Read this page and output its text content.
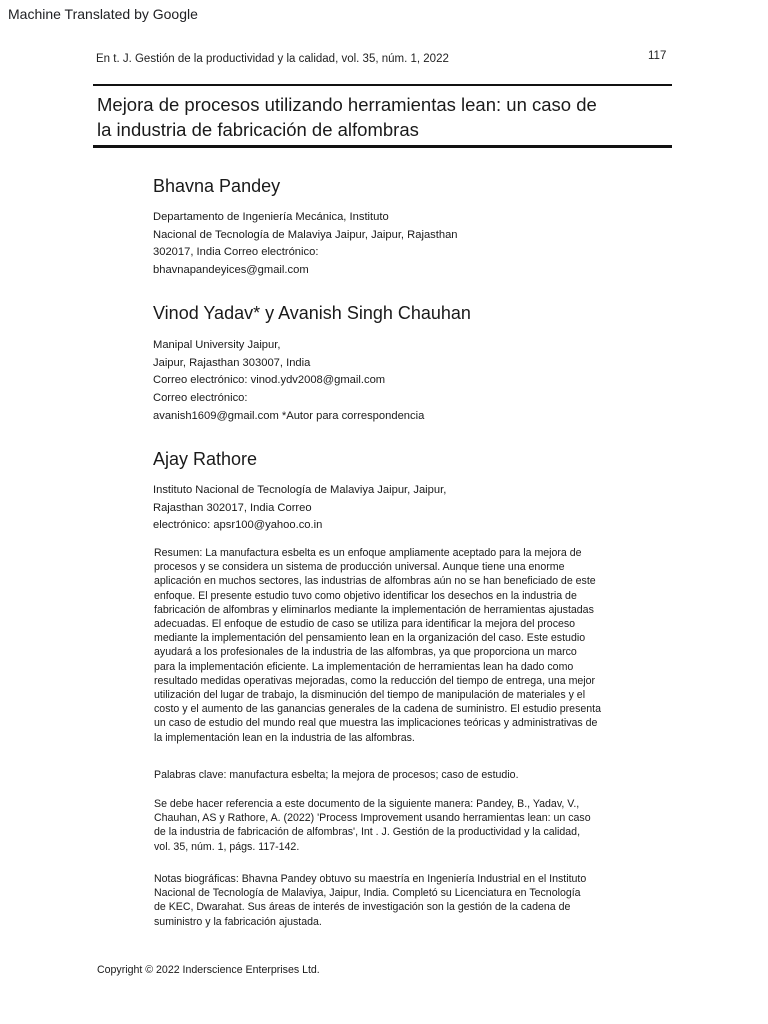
Machine Translated by Google
En t. J. Gestión de la productividad y la calidad, vol. 35, núm. 1, 2022	117
Mejora de procesos utilizando herramientas lean: un caso de
la industria de fabricación de alfombras
Bhavna Pandey
Departamento de Ingeniería Mecánica, Instituto
Nacional de Tecnología de Malaviya Jaipur, Jaipur, Rajasthan
302017, India Correo electrónico:
bhavnapandeyices@gmail.com
Vinod Yadav* y Avanish Singh Chauhan
Manipal University Jaipur,
Jaipur, Rajasthan 303007, India
Correo electrónico: vinod.ydv2008@gmail.com
Correo electrónico:
avanish1609@gmail.com *Autor para correspondencia
Ajay Rathore
Instituto Nacional de Tecnología de Malaviya Jaipur, Jaipur,
Rajasthan 302017, India Correo
electrónico: apsr100@yahoo.co.in
Resumen: La manufactura esbelta es un enfoque ampliamente aceptado para la mejora de
procesos y se considera un sistema de producción universal. Aunque tiene una enorme
aplicación en muchos sectores, las industrias de alfombras aún no se han beneficiado de este
enfoque. El presente estudio tuvo como objetivo identificar los desechos en la industria de
fabricación de alfombras y eliminarlos mediante la implementación de herramientas ajustadas
adecuadas. El enfoque de estudio de caso se utiliza para identificar la mejora del proceso
mediante la implementación del pensamiento lean en la organización del caso. Este estudio
ayudará a los profesionales de la industria de las alfombras, ya que proporciona un marco
para la implementación eficiente. La implementación de herramientas lean ha dado como
resultado medidas operativas mejoradas, como la reducción del tiempo de entrega, una mejor
utilización del lugar de trabajo, la disminución del tiempo de manipulación de materiales y el
costo y el aumento de las ganancias generales de la cadena de suministro. El estudio presenta
un caso de estudio del mundo real que muestra las implicaciones teóricas y administrativas de
la implementación lean en la industria de las alfombras.
Palabras clave: manufactura esbelta; la mejora de procesos; caso de estudio.
Se debe hacer referencia a este documento de la siguiente manera: Pandey, B., Yadav, V.,
Chauhan, AS y Rathore, A. (2022) 'Process Improvement usando herramientas lean: un caso
de la industria de fabricación de alfombras', Int . J. Gestión de la productividad y la calidad,
vol. 35, núm. 1, págs. 117-142.
Notas biográficas: Bhavna Pandey obtuvo su maestría en Ingeniería Industrial en el Instituto
Nacional de Tecnología de Malaviya, Jaipur, India. Completó su Licenciatura en Tecnología
de KEC, Dwarahat. Sus áreas de interés de investigación son la gestión de la cadena de
suministro y la fabricación ajustada.
Copyright © 2022 Inderscience Enterprises Ltd.
